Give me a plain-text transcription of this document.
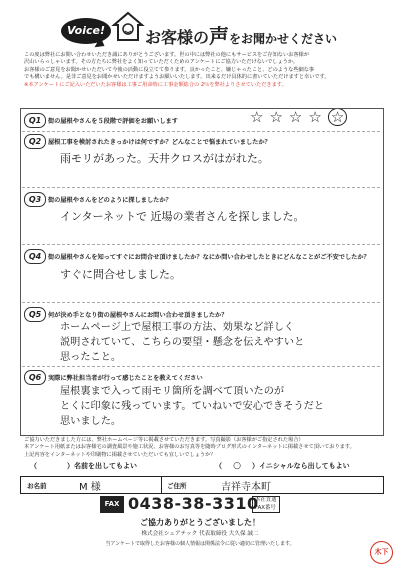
Voice!	お客様の声をお聞かせください
この度は弊社にお問い合わせいただき誠にありがとうございます。世の中には弊社の他にもサービスをご存知ないお客様が
沢山いらっしゃいます。その方たちに弊社をよく知っていただくためのアンケートにご協力いただけないでしょうか。
お客様のご意見をお聞かせいただいて今後の活動に役立てて参ります。良かったこと、嫌じゃったこと、どのような些細な事
でも構いません。是非ご意見をお聞かせいただけますようお願いいたします。出来るだけ具体的に書いていただけますと幸いです。
※本アンケートにご記入いただいたお客様は工事ご用命時に工事金額総合の 2％を弊社よりさせていただきます。
Q1	街の屋根やさんを５段階で評価をお願いします	☆☆☆☆ ☆
Q2	屋根工事を検討されたきっかけは何ですか？どんなことで悩まれていましたか？
雨モリがあった。天井クロスがはがれた。
Q3	街の屋根やさんをどのように探しましたか？
インターネットで 近場の業者さんを探しました。
Q4	街の屋根やさんを知ってすぐにお問合せ頂けましたか？なにか問い合わせしたときにどんなことがご不安でしたか？
すぐに問合せしました。
Q5	何が決め手となり街の屋根やさんにお問い合わせ頂きましたか？
ホームページ上で屋根工事の方法、効果など詳しく
説明されていて、こちらの要望・懸念を伝えやすいと
思ったこと。
Q6	実際に弊社担当者が行って感じたことを教えてください
屋根裏まで入って雨モリ箇所を調べて頂いたのが
とくに印象に残っています。ていねいで安心できそうだと
思いました。
ご協力いただきました方には、弊社ホームページ等に掲載させていただきます。写真撮影（お客様がご指定された場合）
本アンケート用紙またはお客様宅の調査風景や施工状況、お客様のお写真等を随時ブログ形式のインターネットに掲載させて頂いております。
上記内容をインターネットや印刷物に掲載させていただいても宜しいでしょうか？
（	）名前を出してもよい	（ ○ ）イニシャルなら出してもよい
お名前	M 様	ご住所	吉祥寺本町
FAX 0438-38-3310
本社直通
FAX番号
ご協力ありがとうございました！
株式会社シェアテック 代表取締役 大久保 誠二
当アンケートで取得したお客様の個人情報は関係法令に従い適切に管理いたします。
木下
